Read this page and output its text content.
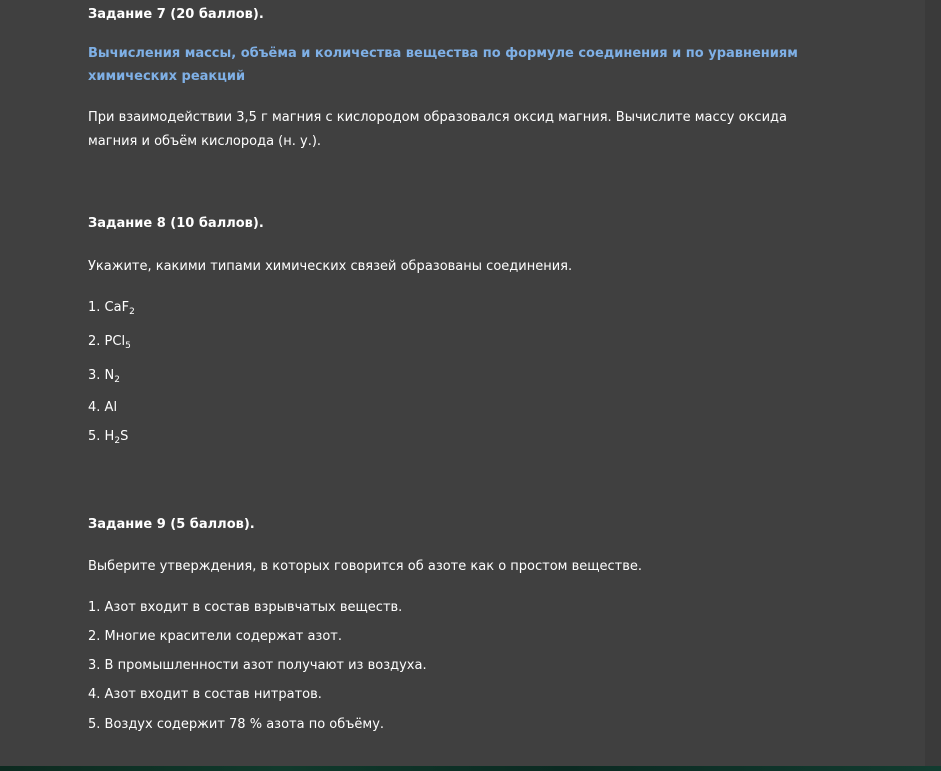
Задание 7 (20 баллов).

Вычисления массы, объёма и количества вещества по формуле соединения и по уравнениям

химических реакций

При взаимодействии 3,5 г магния с кислородом образовался оксид магния. Вычислите массу оксида

магния и объём кислорода (н. у.).

Задание 8 (10 баллов).

Укажите, какими типами химических связей образованы соединения.

1. CaF$_2$

2. PCl$_5$

3. $N_2$

4. Al

5. $H_2S$

Задание 9 (5 баллов).

Выберите утверждения, в которых говорится об азоте как о простом веществе.

1. Азот входит в состав взрывчатых веществ.

2. Многие красители содержат азот.

3. В промышленности азот получают из воздуха.

4. Азот входит в состав нитратов.

5. Воздух содержит 78 % азота по объёму.
